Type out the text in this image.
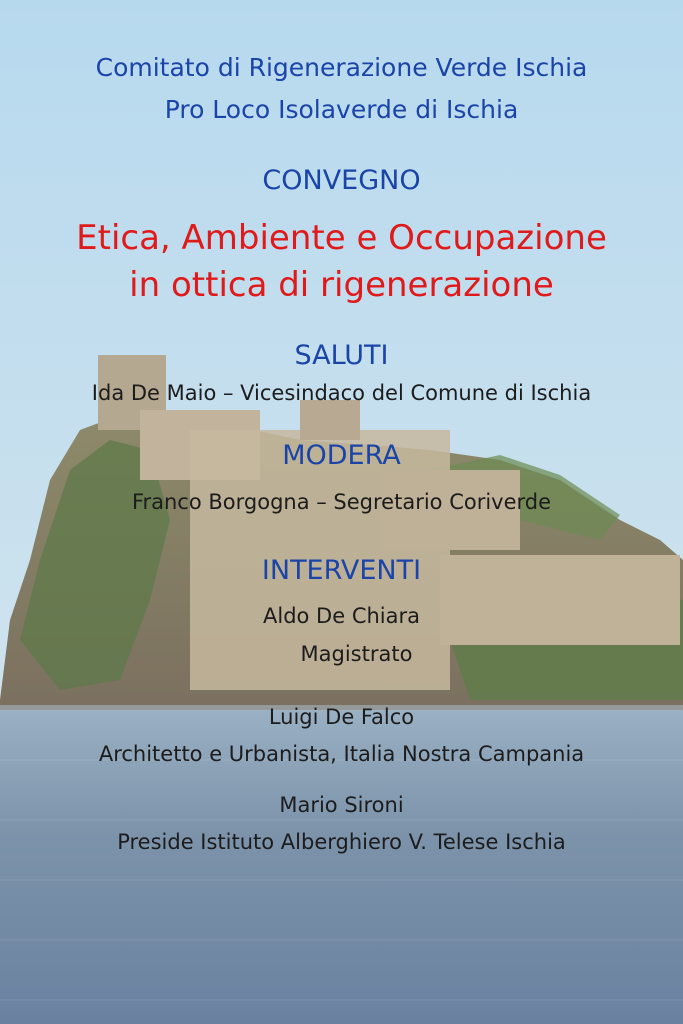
Comitato di Rigenerazione Verde Ischia
Pro Loco Isolaverde di Ischia
CONVEGNO
Etica, Ambiente e Occupazione
in ottica di rigenerazione
SALUTI
Ida De Maio – Vicesindaco del Comune di Ischia
MODERA
Franco Borgogna – Segretario Coriverde
INTERVENTI
Aldo De Chiara
Magistrato
Luigi De Falco
Architetto e Urbanista, Italia Nostra Campania
Mario Sironi
Preside Istituto Alberghiero V. Telese Ischia
